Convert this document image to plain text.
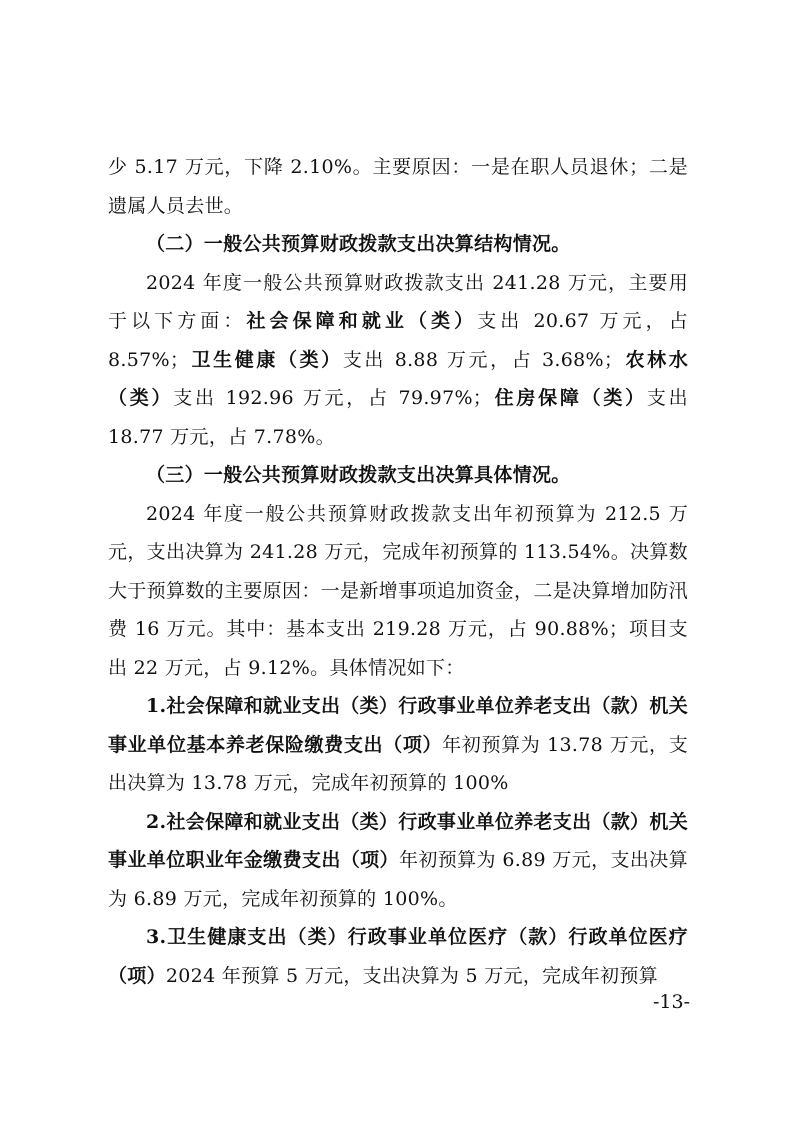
少 5.17 万元，下降 2.10%。主要原因：一是在职人员退休；二是遗属人员去世。

（二）一般公共预算财政拨款支出决算结构情况。

2024 年度一般公共预算财政拨款支出 241.28 万元，主要用于以下方面：社会保障和就业（类）支出 20.67 万元，占 8.57%；卫生健康（类）支出 8.88 万元，占 3.68%；农林水（类）支出 192.96 万元，占 79.97%；住房保障（类）支出 18.77 万元，占 7.78%。

（三）一般公共预算财政拨款支出决算具体情况。

2024 年度一般公共预算财政拨款支出年初预算为 212.5 万元，支出决算为 241.28 万元，完成年初预算的 113.54%。决算数大于预算数的主要原因：一是新增事项追加资金，二是决算增加防汛费 16 万元。其中：基本支出 219.28 万元，占 90.88%；项目支出 22 万元，占 9.12%。具体情况如下：

1.社会保障和就业支出（类）行政事业单位养老支出（款）机关事业单位基本养老保险缴费支出（项）年初预算为 13.78 万元，支出决算为 13.78 万元，完成年初预算的 100%

2.社会保障和就业支出（类）行政事业单位养老支出（款）机关事业单位职业年金缴费支出（项）年初预算为 6.89 万元，支出决算为 6.89 万元，完成年初预算的 100%。

3.卫生健康支出（类）行政事业单位医疗（款）行政单位医疗（项）2024 年预算 5 万元，支出决算为 5 万元，完成年初预算

-13-
